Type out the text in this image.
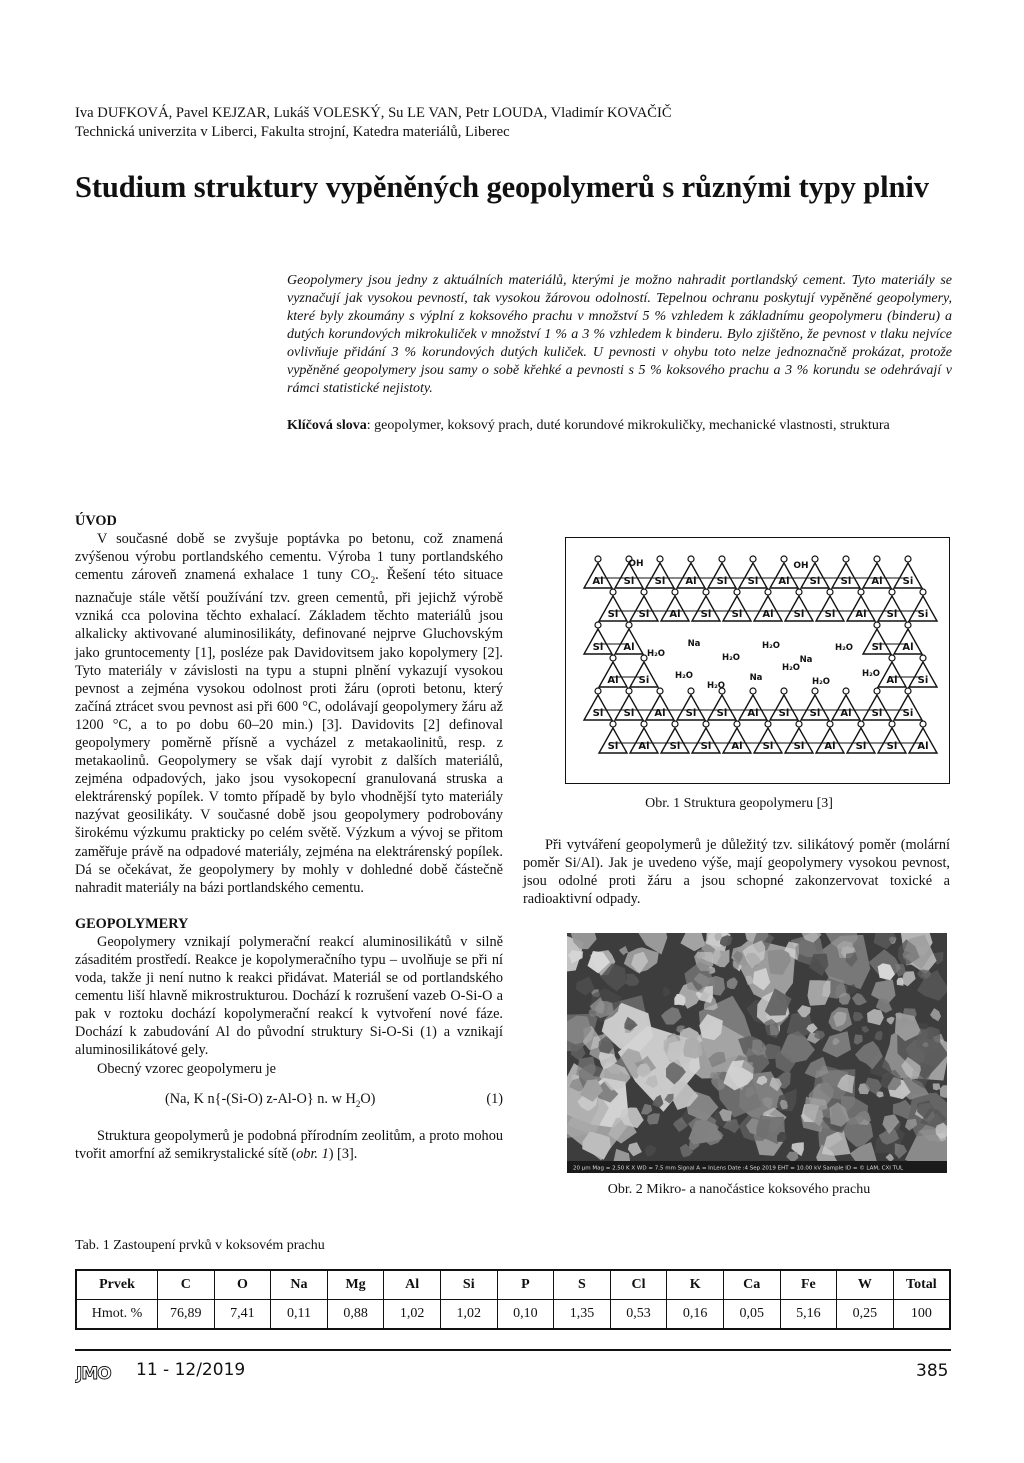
Iva DUFKOVÁ, Pavel KEJZAR, Lukáš VOLESKÝ, Su LE VAN, Petr LOUDA, Vladimír KOVAČIČ
Technická univerzita v Liberci, Fakulta strojní, Katedra materiálů, Liberec
Studium struktury vypěněných geopolymerů s různými typy plniv

Geopolymery jsou jedny z aktuálních materiálů, kterými je možno nahradit portlandský cement. Tyto materiály se vyznačují jak vysokou pevností, tak vysokou žárovou odolností. Tepelnou ochranu poskytují vypěněné geopolymery, které byly zkoumány s výplní z koksového prachu v množství 5 % vzhledem k základnímu geopolymeru (binderu) a dutých korundových mikrokuliček v množství 1 % a 3 % vzhledem k binderu. Bylo zjištěno, že pevnost v tlaku nejvíce ovlivňuje přidání 3 % korundových dutých kuliček. U pevnosti v ohybu toto nelze jednoznačně prokázat, protože vypěněné geopolymery jsou samy o sobě křehké a pevnosti s 5 % koksového prachu a 3 % korundu se odehrávají v rámci statistické nejistoty.

Klíčová slova: geopolymer, koksový prach, duté korundové mikrokuličky, mechanické vlastnosti, struktura
ÚVOD

V současné době se zvyšuje poptávka po betonu, což znamená zvýšenou výrobu portlandského cementu. Výroba 1 tuny portlandského cementu zároveň znamená exhalace 1 tuny $CO_2$. Řešení této situace naznačuje stále větší používání tzv. green cementů, při jejichž výrobě vzniká cca polovina těchto exhalací. Základem těchto materiálů jsou alkalicky aktivované aluminosilikáty, definované nejprve Gluchovským jako gruntocementy [1], posléze pak Davidovitsem jako kopolymery [2]. Tyto materiály v závislosti na typu a stupni plnění vykazují vysokou pevnost a zejména vysokou odolnost proti žáru (oproti betonu, který začíná ztrácet svou pevnost asi při 600 °C, odolávají geopolymery žáru až 1200 °C, a to po dobu 60–20 min.) [3]. Davidovits [2] definoval geopolymery poměrně přísně a vycházel z metakaolinitů, resp. z metakaolinů. Geopolymery se však dají vyrobit z dalších materiálů, zejména odpadových, jako jsou vysokopecní granulovaná struska a elektrárenský popílek. V tomto případě by bylo vhodnější tyto materiály nazývat geosilikáty. V současné době jsou geopolymery podrobovány širokému výzkumu prakticky po celém světě. Výzkum a vývoj se přitom zaměřuje právě na odpadové materiály, zejména na elektrárenský popílek. Dá se očekávat, že geopolymery by mohly v dohledné době částečně nahradit materiály na bázi portlandského cementu.

GEOPOLYMERY

Geopolymery vznikají polymerační reakcí aluminosilikátů v silně zásaditém prostředí. Reakce je kopolymeračního typu – uvolňuje se při ní voda, takže ji není nutno k reakci přidávat. Materiál se od portlandského cementu liší hlavně mikrostrukturou. Dochází k rozrušení vazeb O-Si-O a pak v roztoku dochází kopolymerační reakcí k vytvoření nové fáze. Dochází k zabudování Al do původní struktury Si-O-Si (1) a vznikají aluminosilikátové gely.

Obecný vzorec geopolymeru je

(Na, K n{-(Si-O) z-Al-O} n. w $H_2O$)	(1)

Struktura geopolymerů je podobná přírodním zeolitům, a proto mohou tvořit amorfní až semikrystalické sítě (obr. 1) [3].

Al Si Si Al Si Si Al Si Si Al Si
Si Si Al Si Si Al Si Si Al Si Si
Si Al	Si Al
Al Si	Al Si
Si Si Al Si Si Al Si Si Al Si Si
Si Al Si Si Al Si Si Al Si Si Al
H₂O
Na
H₂O
H₂O
Na
H₂O
H₂O	Na	H₂O
H₂O
H₂O
H₂O
OH	OH
Obr. 1 Struktura geopolymeru [3]

Při vytváření geopolymerů je důležitý tzv. silikátový poměr (molární poměr Si/Al). Jak je uvedeno výše, mají geopolymery vysokou pevnost, jsou odolné proti žáru a jsou schopné zakonzervovat toxické a radioaktivní odpady.

20 µm Mag = 2.50 K X WD = 7.5 mm Signal A = InLens Date :4 Sep 2019 EHT = 10.00 kV Sample ID = © LAM, CXI TUL
Obr. 2 Mikro- a nanočástice koksového prachu
Tab. 1 Zastoupení prvků v koksovém prachu
Prvek	C	O	Na	Mg	Al	Si	P	S	Cl	K	Ca	Fe	W	Total
Hmot. %	76,89	7,41	0,11	0,88	1,02	1,02	0,10	1,35	0,53	0,16	0,05	5,16	0,25	100
JMO 11 - 12/2019	385
